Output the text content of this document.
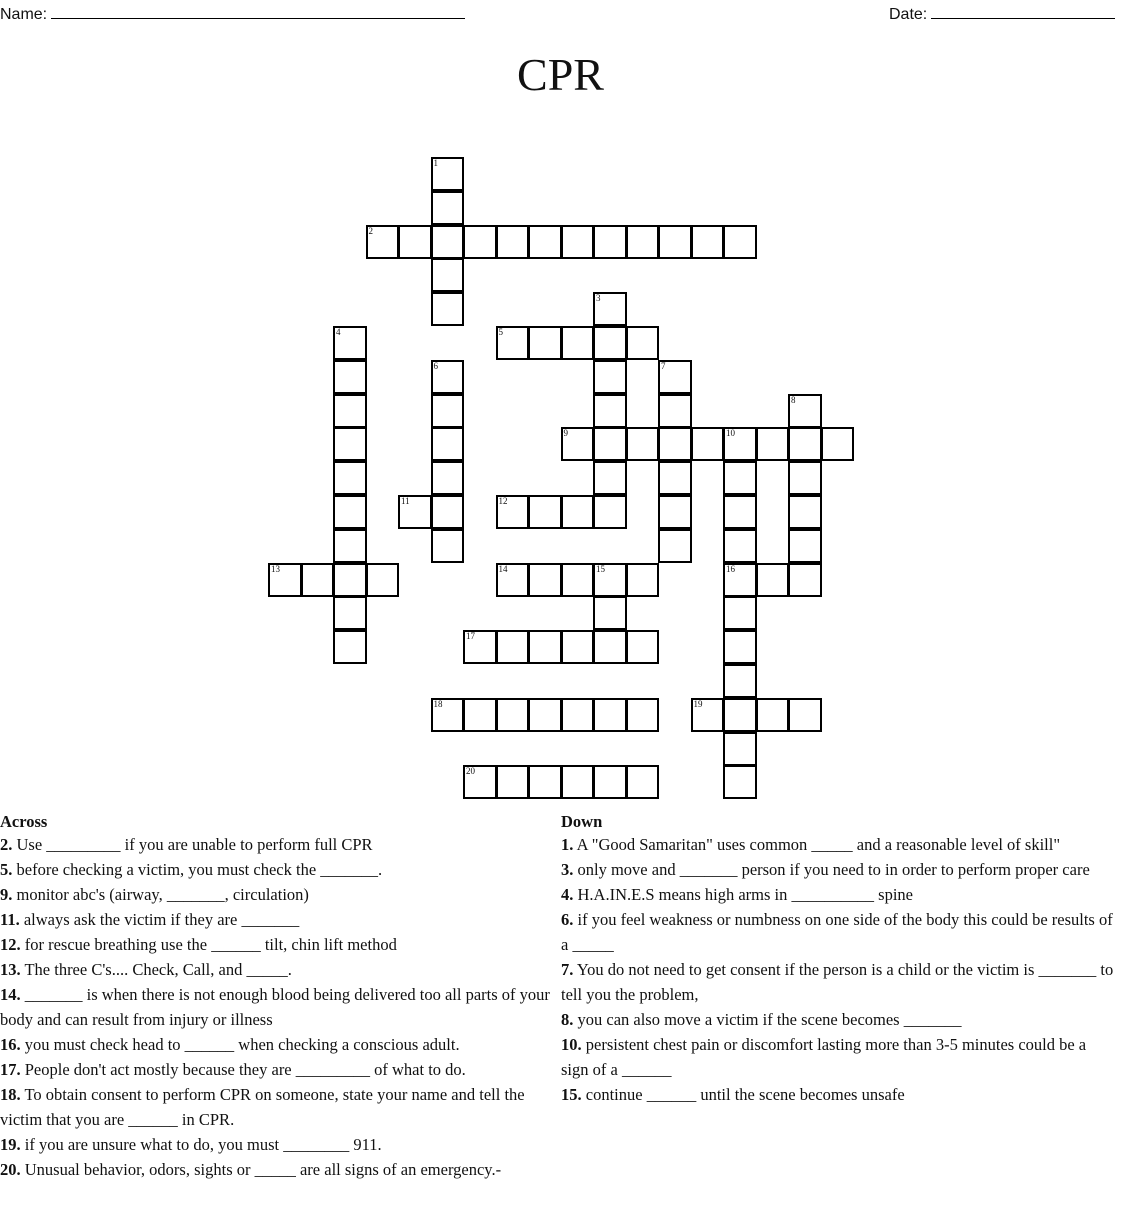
Name:	Date:
CPR
1
2
3
4	5
6	7
8
9	10
11	12
13	14	15	16
17
18	19
20
Across

2. Use _________ if you are unable to perform full CPR

5. before checking a victim, you must check the _______.

9. monitor abc's (airway, _______, circulation)

11. always ask the victim if they are _______

12. for rescue breathing use the ______ tilt, chin lift method

13. The three C's.... Check, Call, and _____.

14. _______ is when there is not enough blood being delivered too all parts of your body and can result from injury or illness

16. you must check head to ______ when checking a conscious adult.

17. People don't act mostly because they are _________ of what to do.

18. To obtain consent to perform CPR on someone, state your name and tell the victim that you are ______ in CPR.

19. if you are unsure what to do, you must ________ 911.

20. Unusual behavior, odors, sights or _____ are all signs of an emergency.-

Down

1. A "Good Samaritan" uses common _____ and a reasonable level of skill"

3. only move and _______ person if you need to in order to perform proper care

4. H.A.IN.E.S means high arms in __________ spine

6. if you feel weakness or numbness on one side of the body this could be results of a _____

7. You do not need to get consent if the person is a child or the victim is _______ to tell you the problem,

8. you can also move a victim if the scene becomes _______

10. persistent chest pain or discomfort lasting more than 3-5 minutes could be a sign of a ______

15. continue ______ until the scene becomes unsafe
